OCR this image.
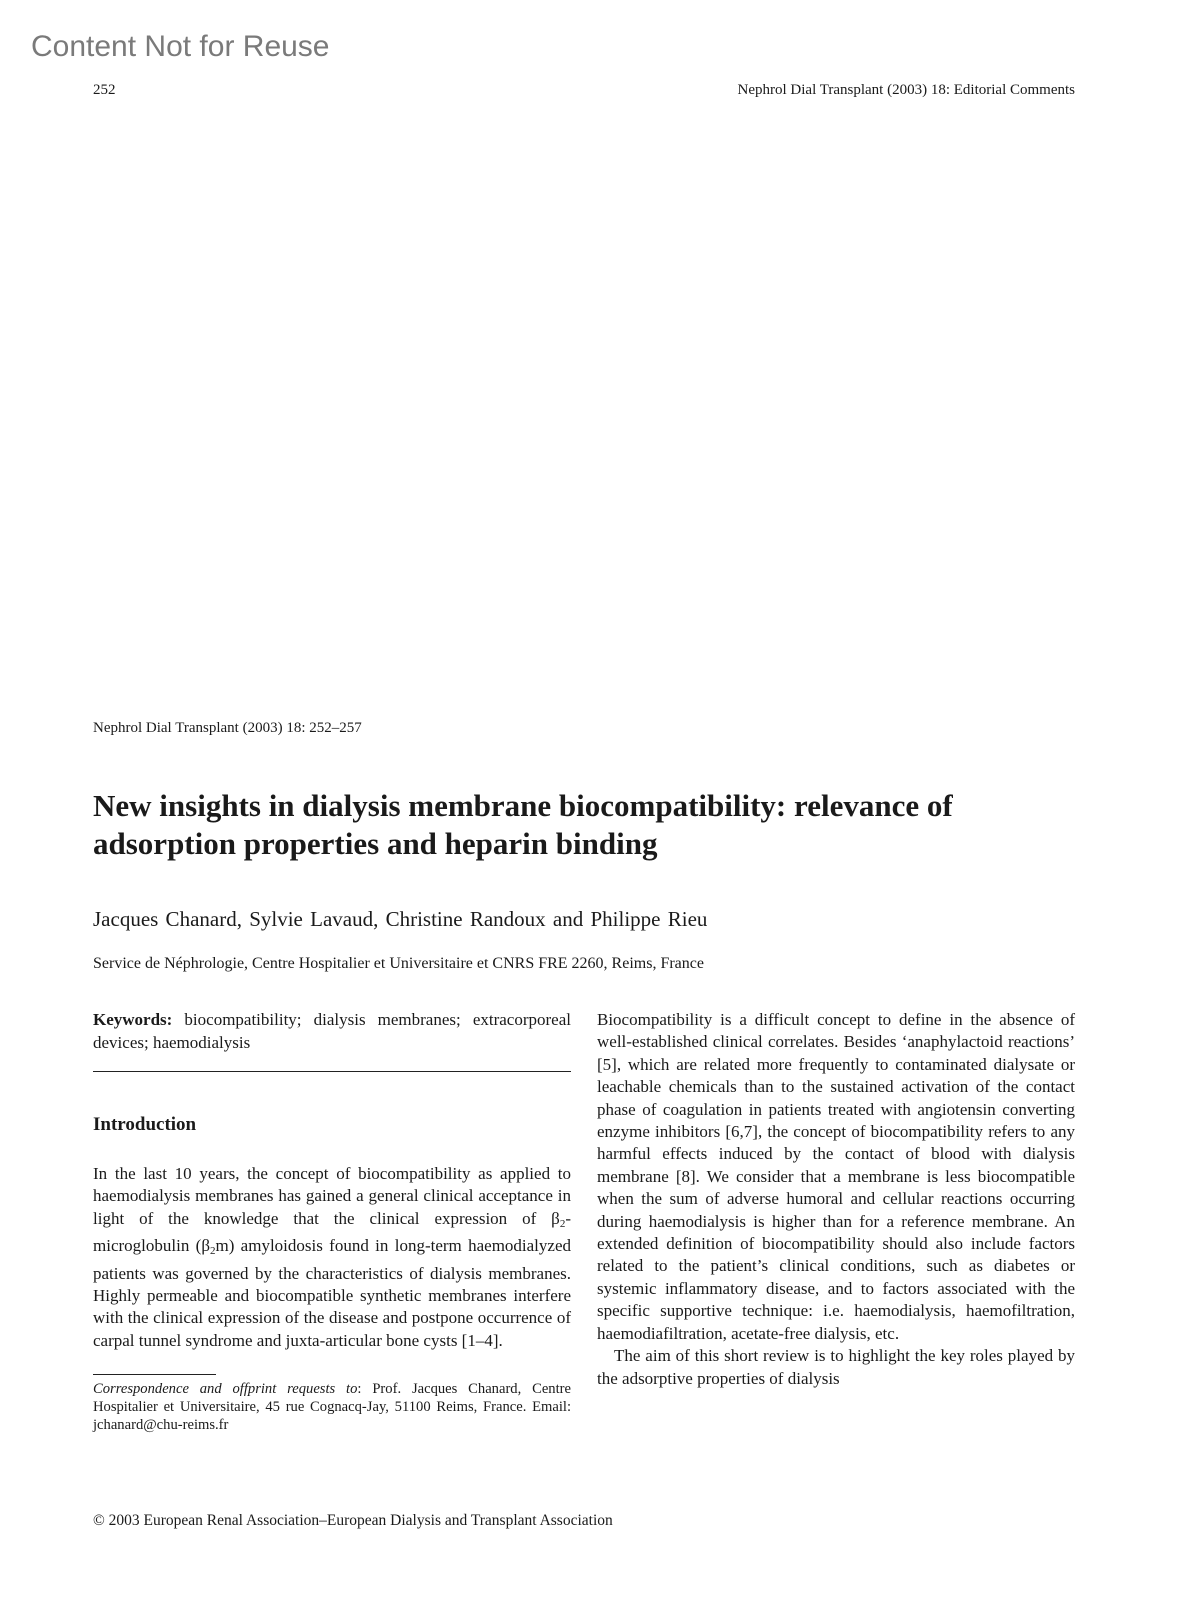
Content Not for Reuse
252	Nephrol Dial Transplant (2003) 18: Editorial Comments
Nephrol Dial Transplant (2003) 18: 252–257
New insights in dialysis membrane biocompatibility: relevance of
adsorption properties and heparin binding
Jacques Chanard, Sylvie Lavaud, Christine Randoux and Philippe Rieu
Service de Néphrologie, Centre Hospitalier et Universitaire et CNRS FRE 2260, Reims, France

Keywords: biocompatibility; dialysis membranes; extracorporeal devices; haemodialysis

Introduction

In the last 10 years, the concept of biocompatibility as applied to haemodialysis membranes has gained a general clinical acceptance in light of the knowledge that the clinical expression of $\beta_2$-microglobulin $(\beta_2m)$ amyloidosis found in long-term haemodialyzed patients was governed by the characteristics of dialysis membranes. Highly permeable and biocompatible synthetic membranes interfere with the clinical expression of the disease and postpone occurrence of carpal tunnel syndrome and juxta-articular bone cysts [1–4].

Correspondence and offprint requests to: Prof. Jacques Chanard, Centre Hospitalier et Universitaire, 45 rue Cognacq-Jay, 51100 Reims, France. Email: jchanard@chu-reims.fr

Biocompatibility is a difficult concept to define in the absence of well-established clinical correlates. Besides ‘anaphylactoid reactions’ [5], which are related more frequently to contaminated dialysate or leachable chemicals than to the sustained activation of the contact phase of coagulation in patients treated with angiotensin converting enzyme inhibitors [6,7], the concept of biocompatibility refers to any harmful effects induced by the contact of blood with dialysis membrane [8]. We consider that a membrane is less biocompatible when the sum of adverse humoral and cellular reactions occurring during haemodialysis is higher than for a reference membrane. An extended definition of biocompatibility should also include factors related to the patient’s clinical conditions, such as diabetes or systemic inflammatory disease, and to factors associated with the specific supportive technique: i.e. haemodialysis, haemofiltration, haemodiafiltration, acetate-free dialysis, etc.

The aim of this short review is to highlight the key roles played by the adsorptive properties of dialysis

© 2003 European Renal Association–European Dialysis and Transplant Association
